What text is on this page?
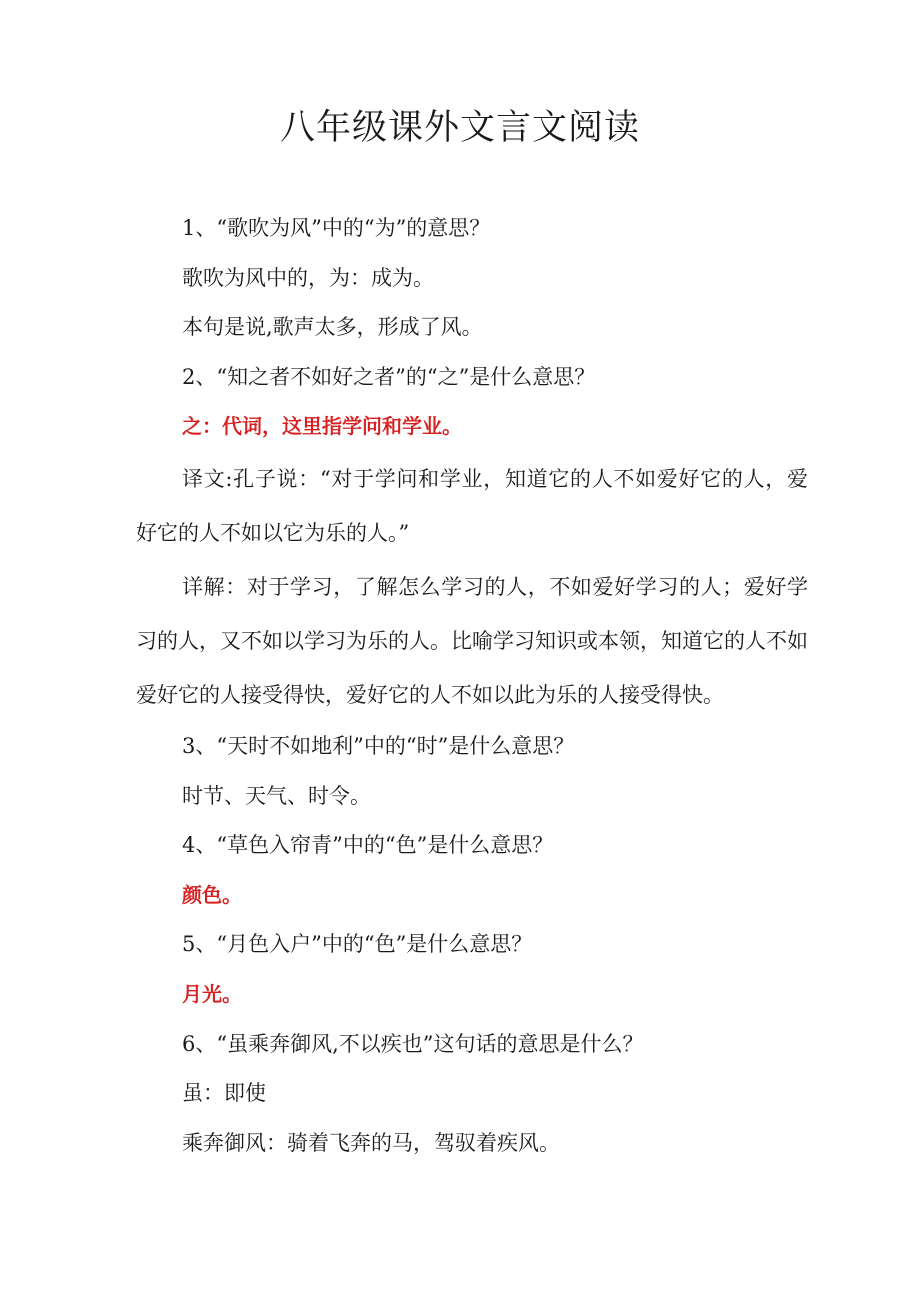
八年级课外文言文阅读

1、“歌吹为风”中的“为”的意思？

歌吹为风中的，为：成为。

本句是说,歌声太多，形成了风。

2、“知之者不如好之者”的“之”是什么意思？

之：代词，这里指学问和学业。

译文:孔子说：“对于学问和学业，知道它的人不如爱好它的人，爱好它的人不如以它为乐的人。”

详解：对于学习，了解怎么学习的人，不如爱好学习的人；爱好学习的人，又不如以学习为乐的人。比喻学习知识或本领，知道它的人不如爱好它的人接受得快，爱好它的人不如以此为乐的人接受得快。

3、“天时不如地利”中的“时”是什么意思？

时节、天气、时令。

4、“草色入帘青”中的“色”是什么意思？

颜色。

5、“月色入户”中的“色”是什么意思？

月光。

6、“虽乘奔御风,不以疾也”这句话的意思是什么？

虽：即使

乘奔御风：骑着飞奔的马，驾驭着疾风。
